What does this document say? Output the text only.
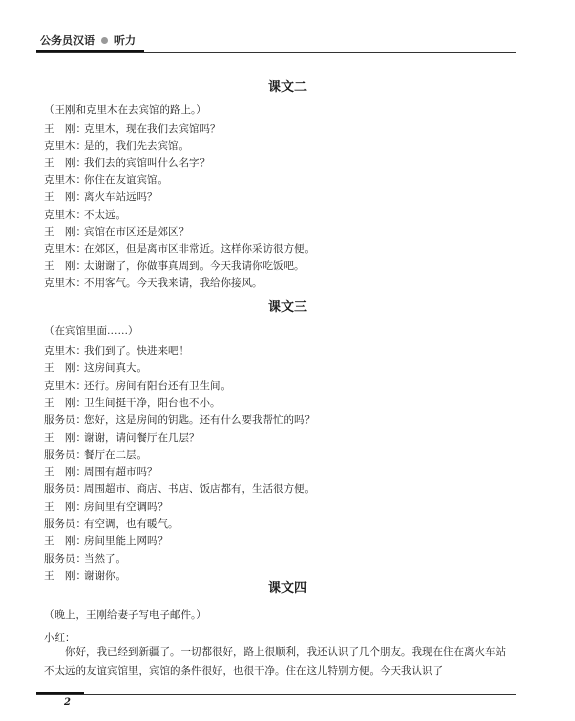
公务员汉语 听力
课文二
（王刚和克里木在去宾馆的路上。）
王　刚：克里木，现在我们去宾馆吗？
克里木：是的，我们先去宾馆。
王　刚：我们去的宾馆叫什么名字？
克里木：你住在友谊宾馆。
王　刚：离火车站远吗？
克里木：不太远。
王　刚：宾馆在市区还是郊区？
克里木：在郊区，但是离市区非常近。这样你采访很方便。
王　刚：太谢谢了，你做事真周到。今天我请你吃饭吧。
克里木：不用客气。今天我来请，我给你接风。
课文三
（在宾馆里面……）
克里木：我们到了。快进来吧！
王　刚：这房间真大。
克里木：还行。房间有阳台还有卫生间。
王　刚：卫生间挺干净，阳台也不小。
服务员：您好，这是房间的钥匙。还有什么要我帮忙的吗？
王　刚：谢谢，请问餐厅在几层？
服务员：餐厅在二层。
王　刚：周围有超市吗？
服务员：周围超市、商店、书店、饭店都有，生活很方便。
王　刚：房间里有空调吗？
服务员：有空调，也有暖气。
王　刚：房间里能上网吗？
服务员：当然了。
王　刚：谢谢你。
课文四
（晚上，王刚给妻子写电子邮件。）
小红：
你好，我已经到新疆了。一切都很好，路上很顺利，我还认识了几个朋友。我现在住在离火车站不太远的友谊宾馆里，宾馆的条件很好，也很干净。住在这儿特别方便。今天我认识了
2
